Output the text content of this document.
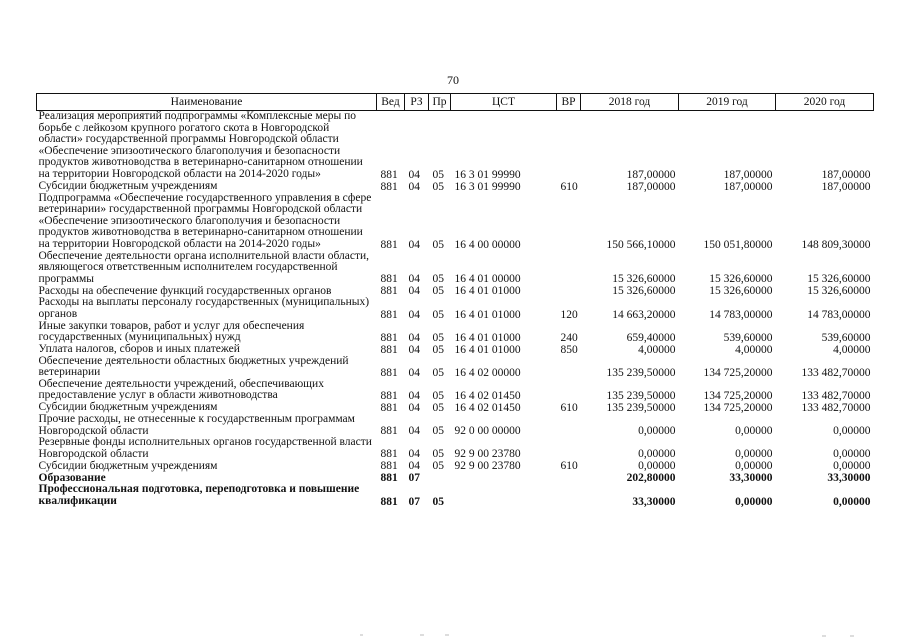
70
Наименование	Вед	РЗ	Пр	ЦСТ	ВР	2018 год	2019 год	2020 год
Реализация мероприятий подпрограммы «Комплексные меры по борьбе с лейкозом крупного рогатого скота в Новгородской области» государственной программы Новгородской области «Обеспечение эпизоотического благополучия и безопасности продуктов животноводства в ветеринарно-санитарном отношении на территории Новгородской области на 2014-2020 годы»	881	04	05	16 3 01 99990		187,00000	187,00000	187,00000
Субсидии бюджетным учреждениям	881	04	05	16 3 01 99990	610	187,00000	187,00000	187,00000
Подпрограмма «Обеспечение государственного управления в сфере ветеринарии» государственной программы Новгородской области «Обеспечение эпизоотического благополучия и безопасности продуктов животноводства в ветеринарно-санитарном отношении на территории Новгородской области на 2014-2020 годы»	881	04	05	16 4 00 00000		150 566,10000	150 051,80000	148 809,30000
Обеспечение деятельности органа исполнительной власти области, являющегося ответственным исполнителем государственной программы	881	04	05	16 4 01 00000		15 326,60000	15 326,60000	15 326,60000
Расходы на обеспечение функций государственных органов	881	04	05	16 4 01 01000		15 326,60000	15 326,60000	15 326,60000
Расходы на выплаты персоналу государственных (муниципальных) органов	881	04	05	16 4 01 01000	120	14 663,20000	14 783,00000	14 783,00000
Иные закупки товаров, работ и услуг для обеспечения государственных (муниципальных) нужд	881	04	05	16 4 01 01000	240	659,40000	539,60000	539,60000
Уплата налогов, сборов и иных платежей	881	04	05	16 4 01 01000	850	4,00000	4,00000	4,00000
Обеспечение деятельности областных бюджетных учреждений ветеринарии	881	04	05	16 4 02 00000		135 239,50000	134 725,20000	133 482,70000
Обеспечение деятельности учреждений, обеспечивающих предоставление услуг в области животноводства	881	04	05	16 4 02 01450		135 239,50000	134 725,20000	133 482,70000
Субсидии бюджетным учреждениям	881	04	05	16 4 02 01450	610	135 239,50000	134 725,20000	133 482,70000
Прочие расходы, не отнесенные к государственным программам Новгородской области	881	04	05	92 0 00 00000		0,00000	0,00000	0,00000
Резервные фонды исполнительных органов государственной власти Новгородской области	881	04	05	92 9 00 23780		0,00000	0,00000	0,00000
Субсидии бюджетным учреждениям	881	04	05	92 9 00 23780	610	0,00000	0,00000	0,00000
Образование	881	07				202,80000	33,30000	33,30000
Профессиональная подготовка, переподготовка и повышение квалификации	881	07	05			33,30000	0,00000	0,00000
